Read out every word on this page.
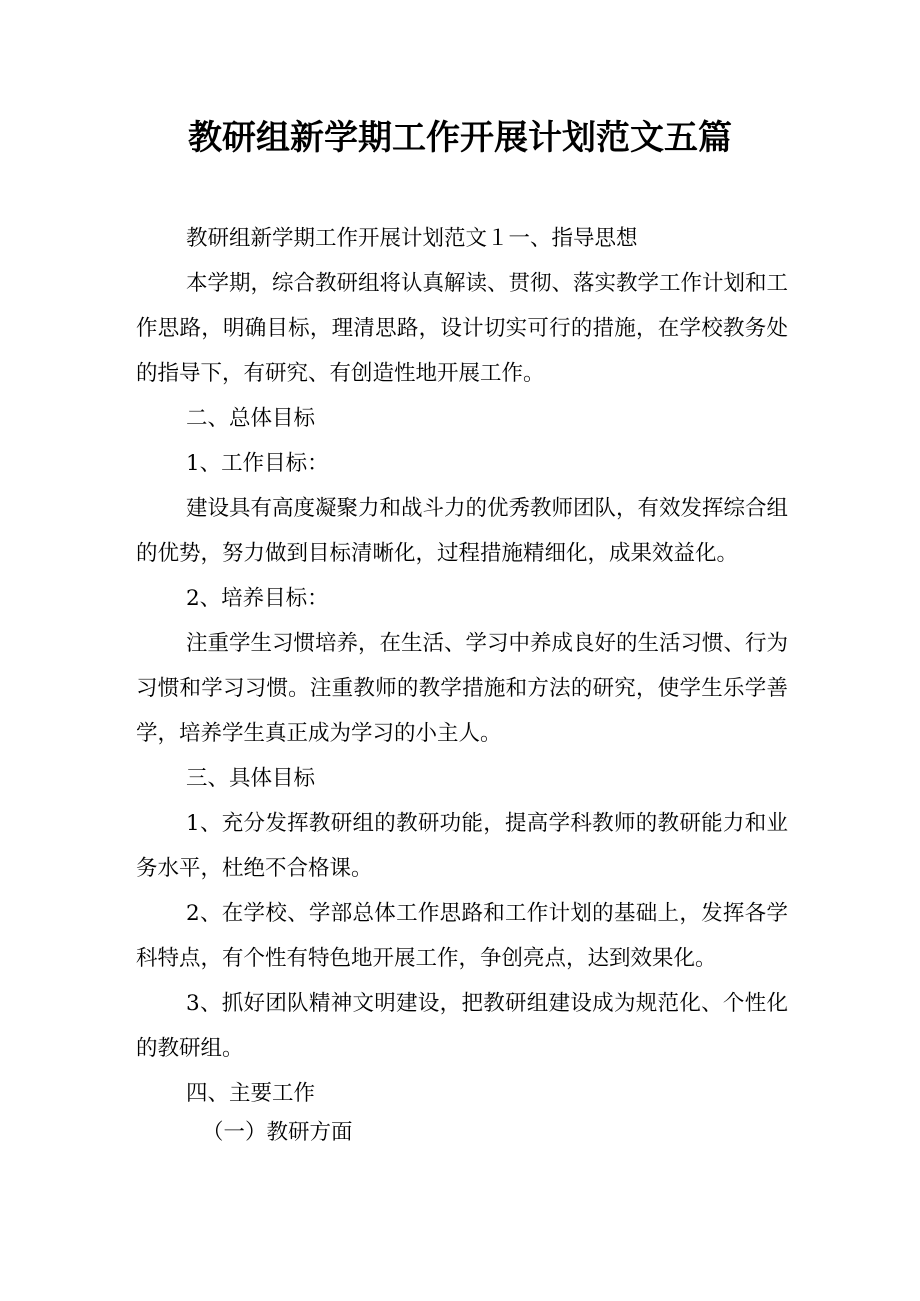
教研组新学期工作开展计划范文五篇

教研组新学期工作开展计划范文１一、指导思想

本学期，综合教研组将认真解读、贯彻、落实教学工作计划和工作思路，明确目标，理清思路，设计切实可行的措施，在学校教务处的指导下，有研究、有创造性地开展工作。

二、总体目标

1、工作目标：

建设具有高度凝聚力和战斗力的优秀教师团队，有效发挥综合组的优势，努力做到目标清晰化，过程措施精细化，成果效益化。

2、培养目标：

注重学生习惯培养，在生活、学习中养成良好的生活习惯、行为习惯和学习习惯。注重教师的教学措施和方法的研究，使学生乐学善学，培养学生真正成为学习的小主人。

三、具体目标

1、充分发挥教研组的教研功能，提高学科教师的教研能力和业务水平，杜绝不合格课。

2、在学校、学部总体工作思路和工作计划的基础上，发挥各学科特点，有个性有特色地开展工作，争创亮点，达到效果化。

3、抓好团队精神文明建设，把教研组建设成为规范化、个性化的教研组。

四、主要工作

（一）教研方面
